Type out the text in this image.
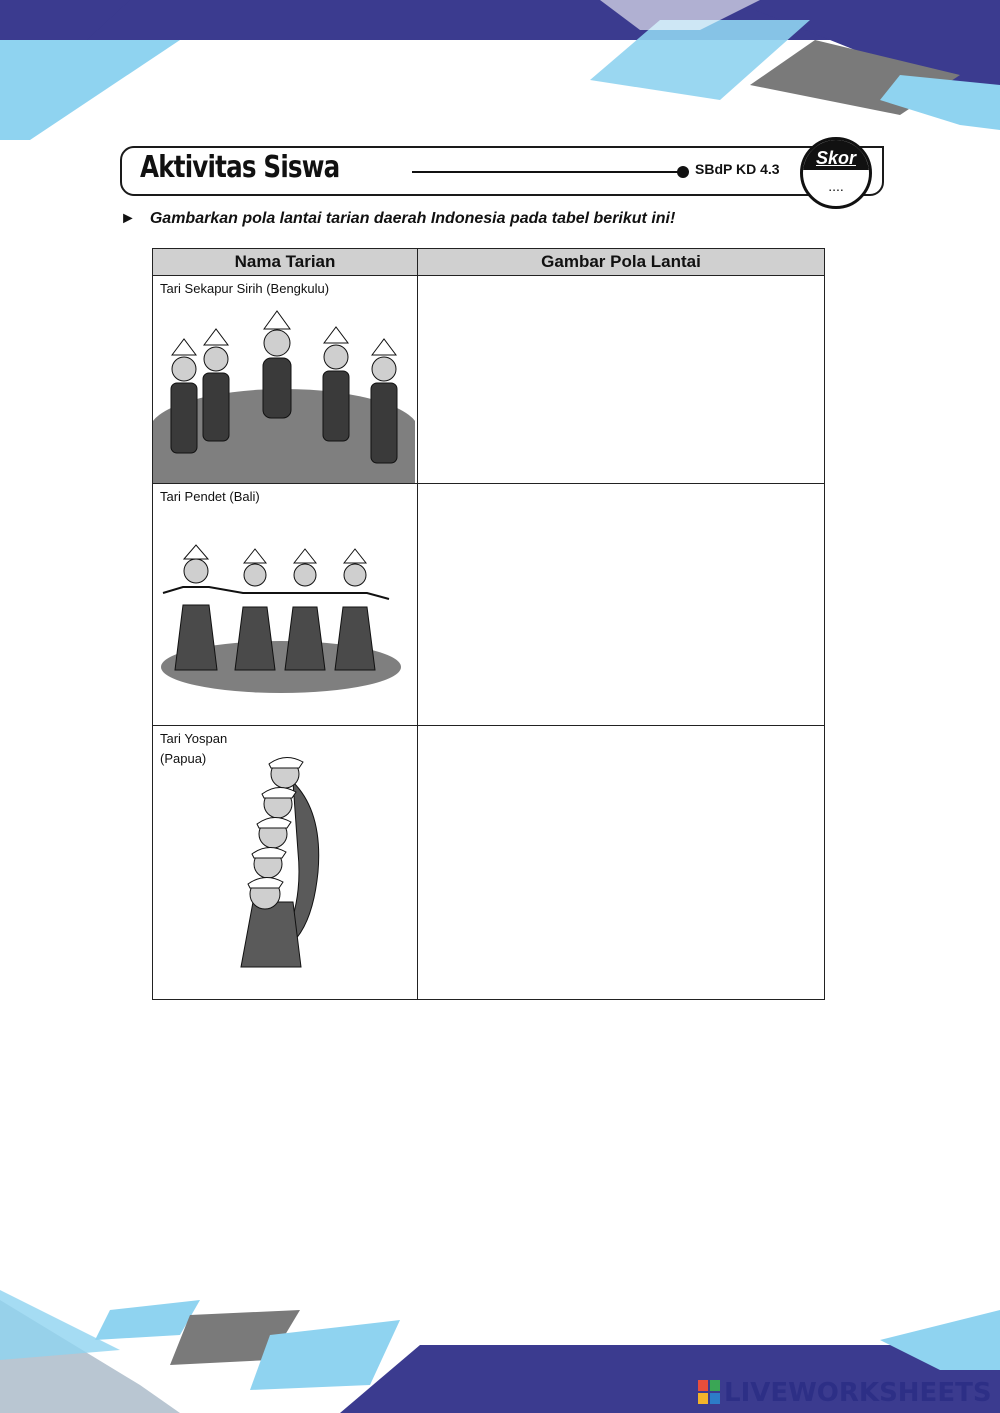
Aktivitas Siswa	SBdP KD 4.3
Skor
....
► Gambarkan pola lantai tarian daerah Indonesia pada tabel berikut ini!
Nama Tarian	Gambar Pola Lantai

Tari Sekapur Sirih (Bengkulu)	

Tari Pendet (Bali)	

Tari Yospan
(Papua)	

LIVEWORKSHEETS
